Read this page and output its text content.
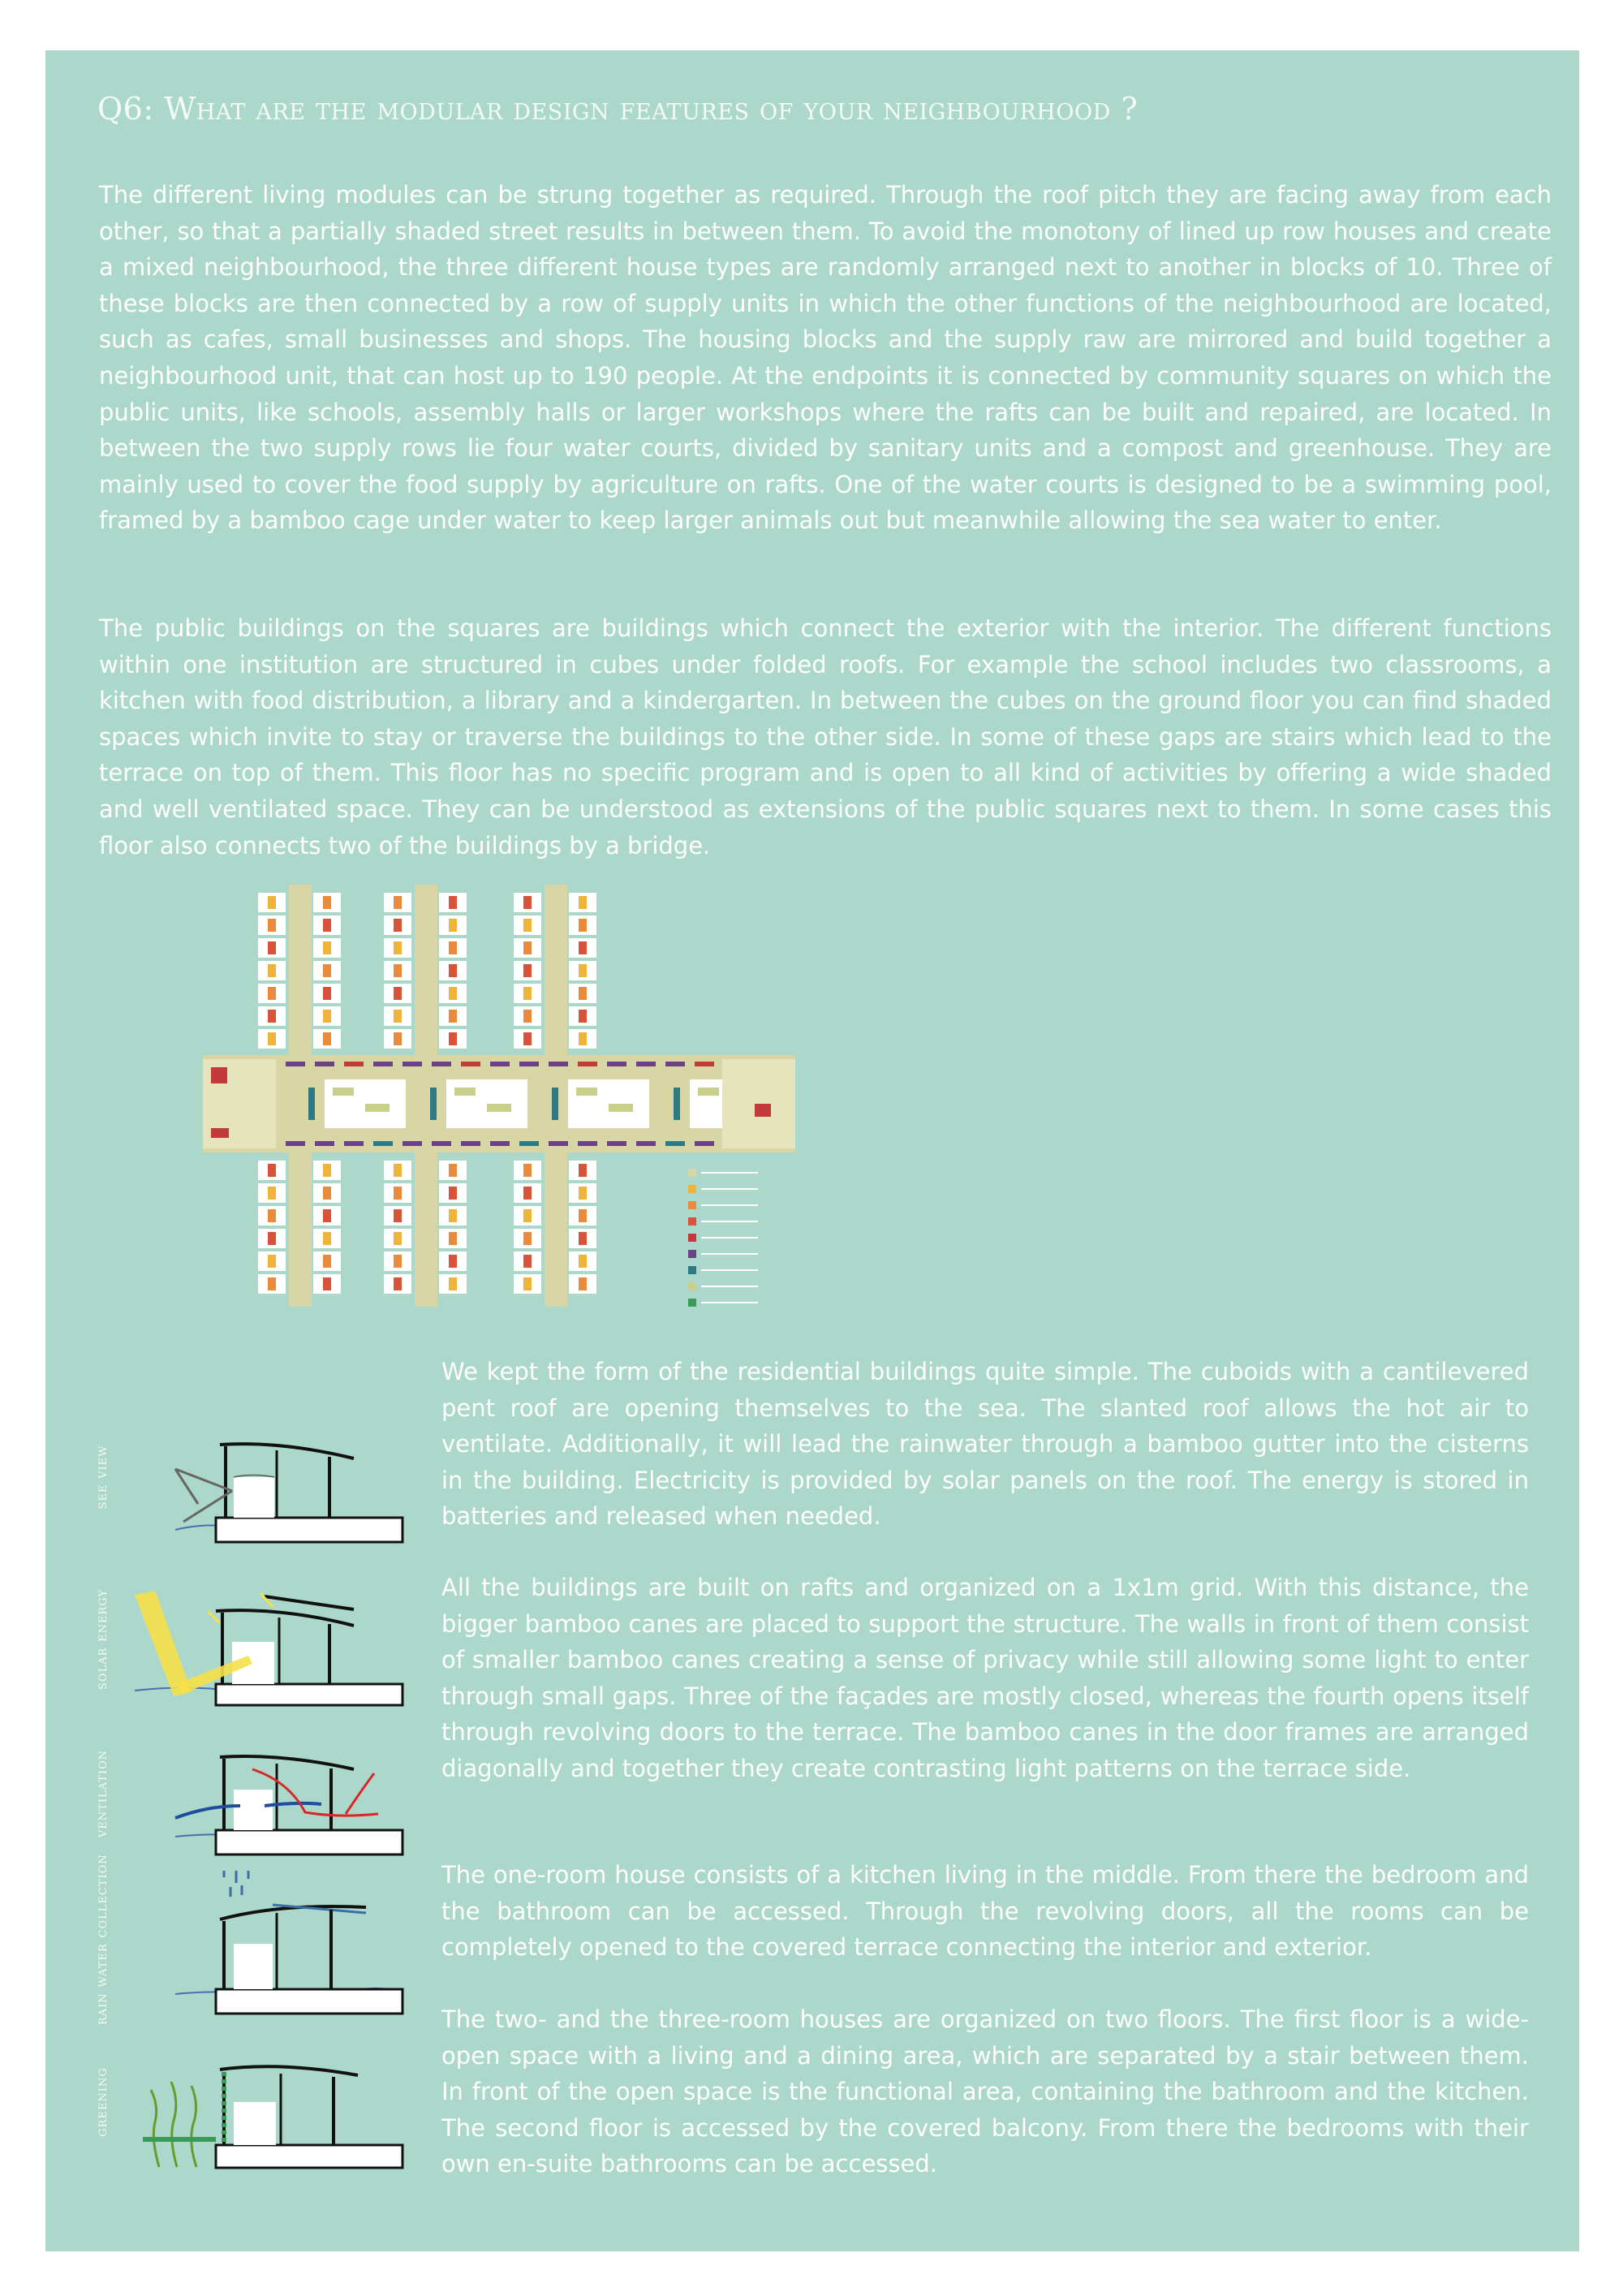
Q6: What are the modular design features of your neighbourhood ?
The different living modules can be strung together as required. Through the roof pitch they are facing away from each other, so that a partially shaded street results in between them. To avoid the monotony of lined up row houses and create a mixed neighbourhood, the three different house types are randomly arranged next to another in blocks of 10. Three of these blocks are then connected by a row of supply units in which the other functions of the neighbourhood are located, such as cafes, small businesses and shops. The housing blocks and the supply raw are mirrored and build together a neighbourhood unit, that can host up to 190 people. At the endpoints it is connected by community squares on which the public units, like schools, assembly halls or larger workshops where the rafts can be built and repaired, are located. In between the two supply rows lie four water courts, divided by sanitary units and a compost and greenhouse. They are mainly used to cover the food supply by agriculture on rafts. One of the water courts is designed to be a swimming pool, framed by a bamboo cage under water to keep larger animals out but meanwhile allowing the sea water to enter.
The public buildings on the squares are buildings which connect the exterior with the interior. The different functions within one institution are structured in cubes under folded roofs. For example the school includes two classrooms, a kitchen with food distribution, a library and a kindergarten. In between the cubes on the ground floor you can find shaded spaces which invite to stay or traverse the buildings to the other side. In some of these gaps are stairs which lead to the terrace on top of them. This floor has no specific program and is open to all kind of activities by offering a wide shaded and well ventilated space. They can be understood as extensions of the public squares next to them. In some cases this floor also connects two of the buildings by a bridge.
see view
solar energy
ventilation
rain water collection
greening
We kept the form of the residential buildings quite simple. The cuboids with a cantilevered pent roof are opening themselves to the sea. The slanted roof allows the hot air to ventilate. Additionally, it will lead the rainwater through a bamboo gutter into the cisterns in the building. Electricity is provided by solar panels on the roof. The energy is stored in batteries and released when needed.
All the buildings are built on rafts and organized on a 1x1m grid. With this distance, the bigger bamboo canes are placed to support the structure. The walls in front of them consist of smaller bamboo canes creating a sense of privacy while still allowing some light to enter through small gaps. Three of the façades are mostly closed, whereas the fourth opens itself through revolving doors to the terrace. The bamboo canes in the door frames are arranged diagonally and together they create contrasting light patterns on the terrace side.
The one-room house consists of a kitchen living in the middle. From there the bedroom and the bathroom can be accessed. Through the revolving doors, all the rooms can be completely opened to the covered terrace connecting the interior and exterior.
The two- and the three-room houses are organized on two floors. The first floor is a wide-open space with a living and a dining area, which are separated by a stair between them. In front of the open space is the functional area, containing the bathroom and the kitchen. The second floor is accessed by the covered balcony. From there the bedrooms with their own en-suite bathrooms can be accessed.
